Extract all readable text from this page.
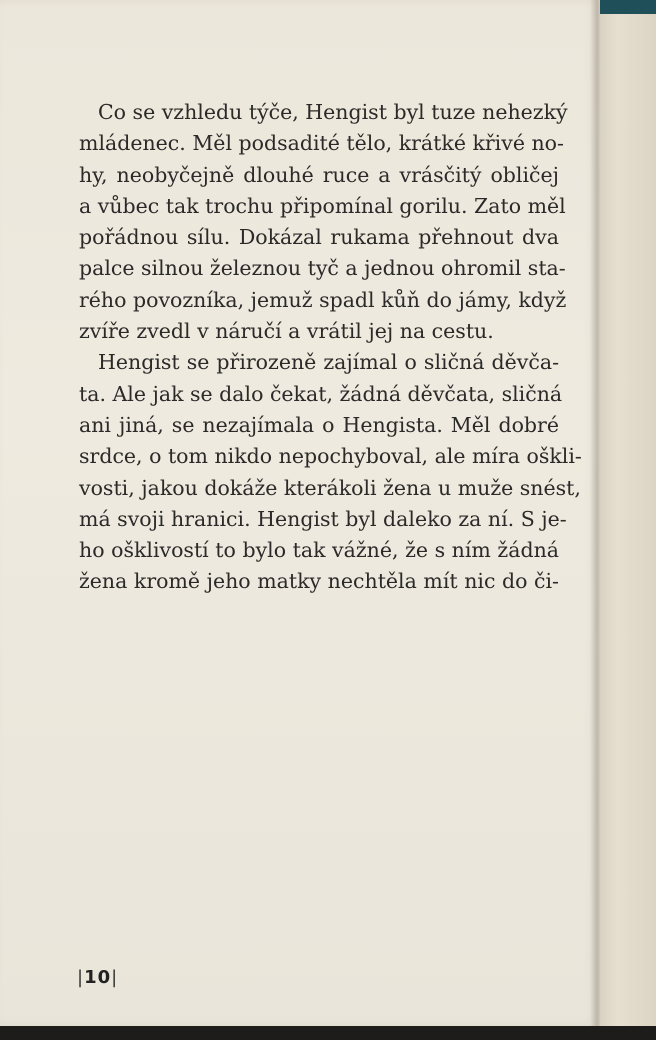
Co se vzhledu týče, Hengist byl tuze nehezký
mládenec. Měl podsadité tělo, krátké křivé no-
hy, neobyčejně dlouhé ruce a vrásčitý obličej
a vůbec tak trochu připomínal gorilu. Zato měl
pořádnou sílu. Dokázal rukama přehnout dva
palce silnou železnou tyč a jednou ohromil sta-
rého povozníka, jemuž spadl kůň do jámy, když
zvíře zvedl v náručí a vrátil jej na cestu.

Hengist se přirozeně zajímal o sličná děvča-
ta. Ale jak se dalo čekat, žádná děvčata, sličná
ani jiná, se nezajímala o Hengista. Měl dobré
srdce, o tom nikdo nepochyboval, ale míra oškli-
vosti, jakou dokáže kterákoli žena u muže snést,
má svoji hranici. Hengist byl daleko za ní. S je-
ho ošklivostí to bylo tak vážné, že s ním žádná
žena kromě jeho matky nechtěla mít nic do či-

|10|
